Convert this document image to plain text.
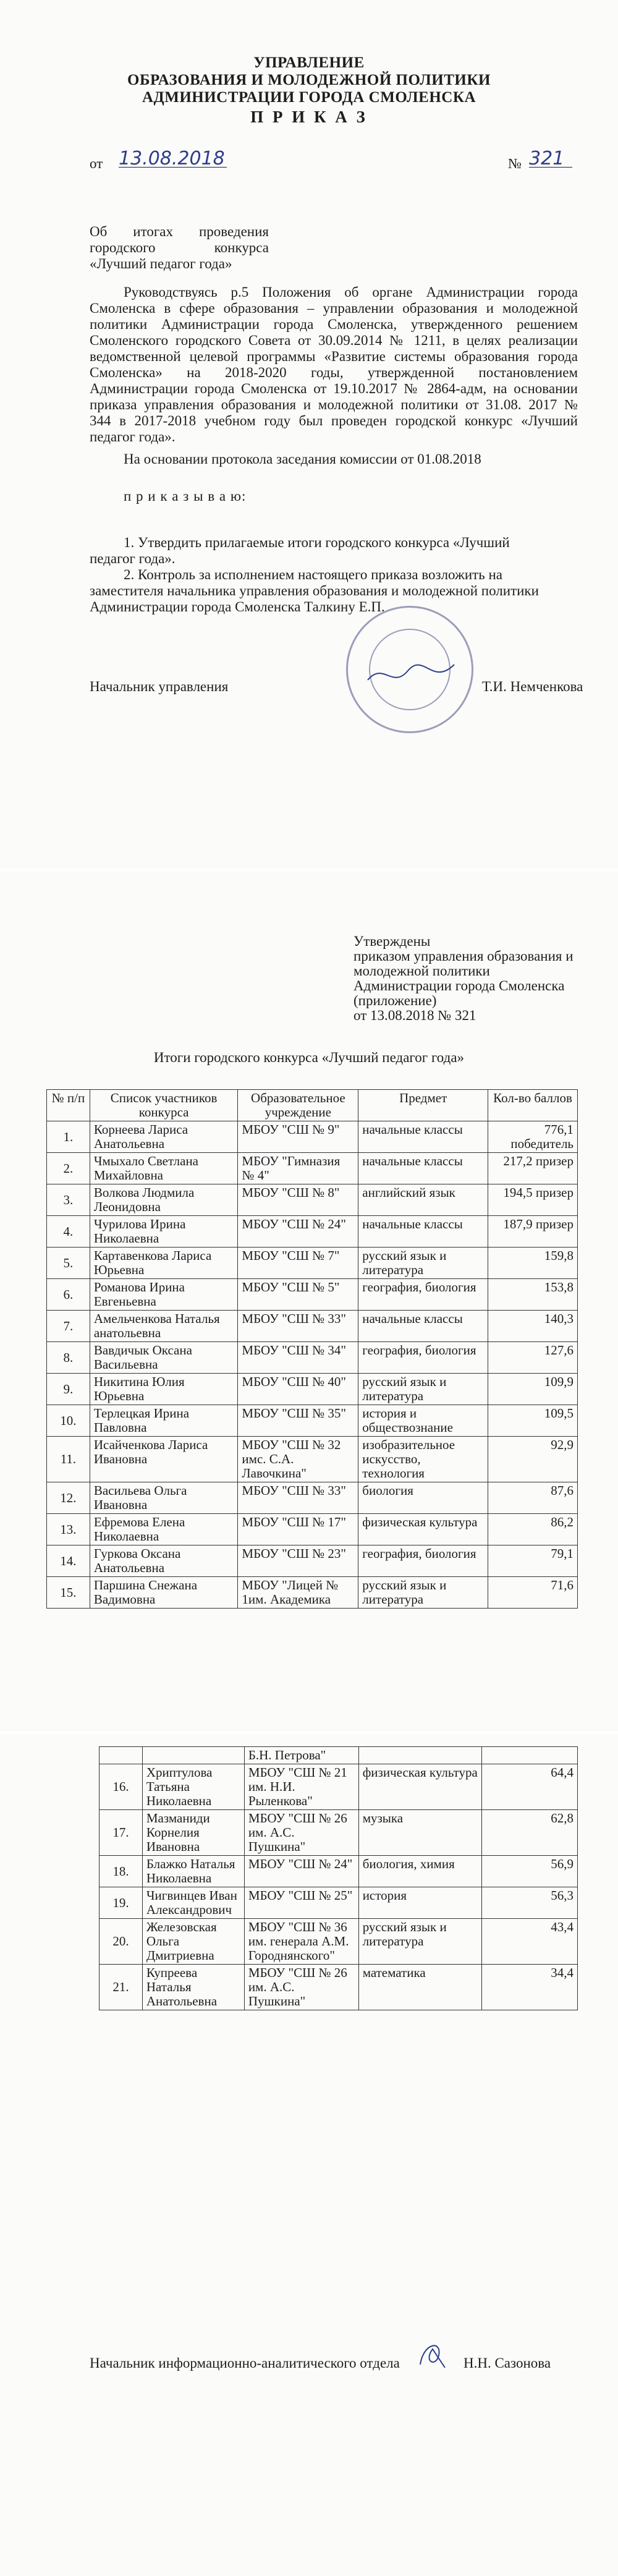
УПРАВЛЕНИЕ
ОБРАЗОВАНИЯ И МОЛОДЕЖНОЙ ПОЛИТИКИ
АДМИНИСТРАЦИИ ГОРОДА СМОЛЕНСКА
П Р И К А З
от 13.08.2018	№ 321
Об итогах проведения
городского конкурса
«Лучший педагог года»
Руководствуясь р.5 Положения об органе Администрации города
Смоленска в сфере образования – управлении образования и молодежной
политики Администрации города Смоленска, утвержденного решением
Смоленского городского Совета от 30.09.2014 № 1211, в целях реализации
ведомственной целевой программы «Развитие системы образования города
Смоленска» на 2018-2020 годы, утвержденной постановлением
Администрации города Смоленска от 19.10.2017 № 2864-адм, на основании
приказа управления образования и молодежной политики от 31.08. 2017 №
344 в 2017-2018 учебном году был проведен городской конкурс «Лучший
педагог года».
На основании протокола заседания комиссии от 01.08.2018
п р и к а з ы в а ю:
1. Утвердить прилагаемые итоги городского конкурса «Лучший
педагог года».
2. Контроль за исполнением настоящего приказа возложить на
заместителя начальника управления образования и молодежной политики
Администрации города Смоленска Талкину Е.П.
Начальник управления	Т.И. Немченкова
Утверждены
приказом управления образования и
молодежной политики
Администрации города Смоленска
(приложение)
от 13.08.2018 № 321
Итоги городского конкурса «Лучший педагог года»
№ п/п	Список участников конкурса	Образовательное учреждение	Предмет	Кол-во баллов
1.	Корнеева Лариса Анатольевна	МБОУ "СШ № 9"	начальные классы	776,1 победитель
2.	Чмыхало Светлана Михайловна	МБОУ "Гимназия № 4"	начальные классы	217,2 призер
3.	Волкова Людмила Леонидовна	МБОУ "СШ № 8"	английский язык	194,5 призер
4.	Чурилова Ирина Николаевна	МБОУ "СШ № 24"	начальные классы	187,9 призер
5.	Картавенкова Лариса Юрьевна	МБОУ "СШ № 7"	русский язык и литература	159,8
6.	Романова Ирина Евгеньевна	МБОУ "СШ № 5"	география, биология	153,8
7.	Амельченкова Наталья анатольевна	МБОУ "СШ № 33"	начальные классы	140,3
8.	Вавдичык Оксана Васильевна	МБОУ "СШ № 34"	география, биология	127,6
9.	Никитина Юлия Юрьевна	МБОУ "СШ № 40"	русский язык и литература	109,9
10.	Терлецкая Ирина Павловна	МБОУ "СШ № 35"	история и обществознание	109,5
11.	Исайченкова Лариса Ивановна	МБОУ "СШ № 32 имс. С.А. Лавочкина"	изобразительное искусство, технология	92,9
12.	Васильева Ольга Ивановна	МБОУ "СШ № 33"	биология	87,6
13.	Ефремова Елена Николаевна	МБОУ "СШ № 17"	физическая культура	86,2
14.	Гуркова Оксана Анатольевна	МБОУ "СШ № 23"	география, биология	79,1
15.	Паршина Снежана Вадимовна	МБОУ "Лицей № 1им. Академика	русский язык и литература	71,6
		Б.Н. Петрова"		
16.	Хриптулова Татьяна Николаевна	МБОУ "СШ № 21 им. Н.И. Рыленкова"	физическая культура	64,4
17.	Мазманиди Корнелия Ивановна	МБОУ "СШ № 26 им. А.С. Пушкина"	музыка	62,8
18.	Блажко Наталья Николаевна	МБОУ "СШ № 24"	биология, химия	56,9
19.	Чигвинцев Иван Александрович	МБОУ "СШ № 25"	история	56,3
20.	Железовская Ольга Дмитриевна	МБОУ "СШ № 36 им. генерала А.М. Городнянского"	русский язык и литература	43,4
21.	Купреева Наталья Анатольевна	МБОУ "СШ № 26 им. А.С. Пушкина"	математика	34,4
Начальник информационно-аналитического отдела	Н.Н. Сазонова
